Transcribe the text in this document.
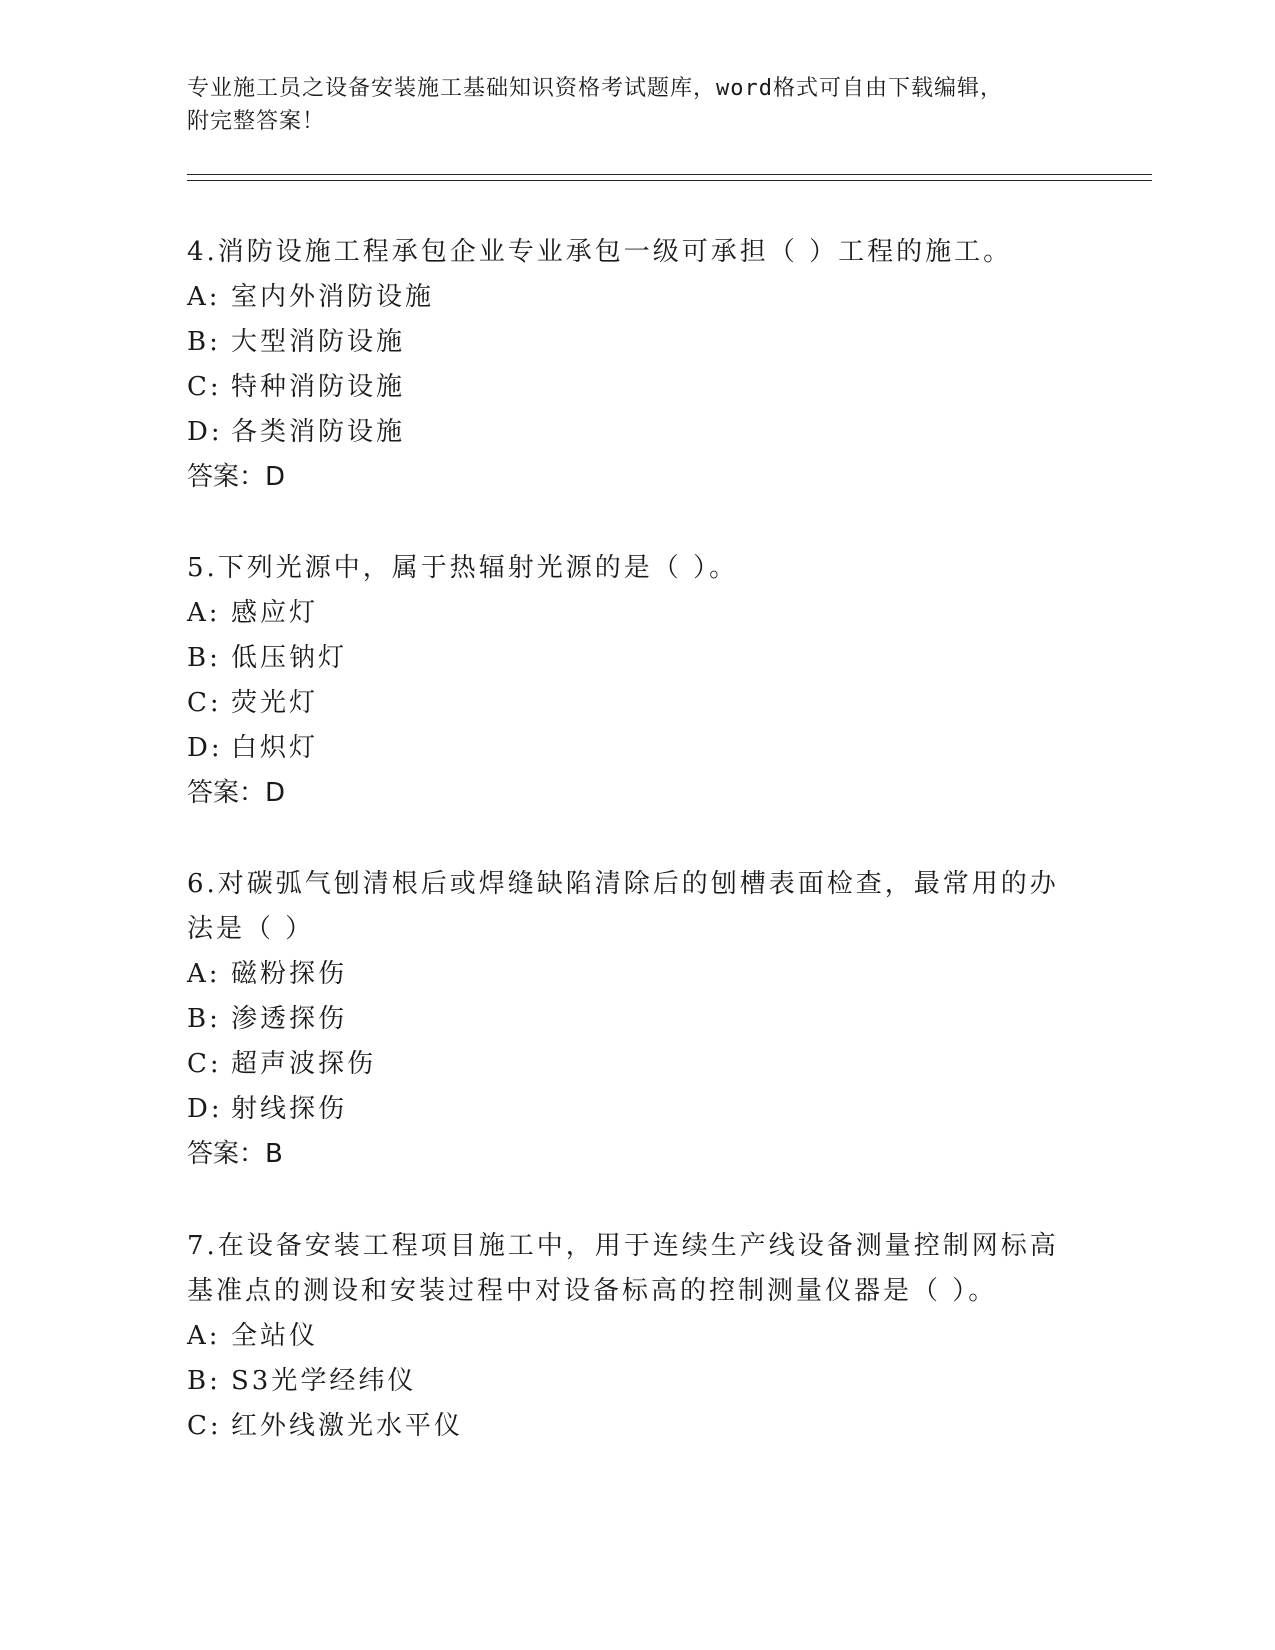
专业施工员之设备安装施工基础知识资格考试题库，word格式可自由下载编辑，
附完整答案！
4.消防设施工程承包企业专业承包一级可承担（ ）工程的施工。
A: 室内外消防设施
B: 大型消防设施
C: 特种消防设施
D: 各类消防设施
答案：D
5.下列光源中，属于热辐射光源的是（ ）。
A: 感应灯
B: 低压钠灯
C: 荧光灯
D: 白炽灯
答案：D
6.对碳弧气刨清根后或焊缝缺陷清除后的刨槽表面检查，最常用的办法是（ ）
A: 磁粉探伤
B: 渗透探伤
C: 超声波探伤
D: 射线探伤
答案：B
7.在设备安装工程项目施工中，用于连续生产线设备测量控制网标高基准点的测设和安装过程中对设备标高的控制测量仪器是（ ）。
A: 全站仪
B: S3光学经纬仪
C: 红外线激光水平仪
